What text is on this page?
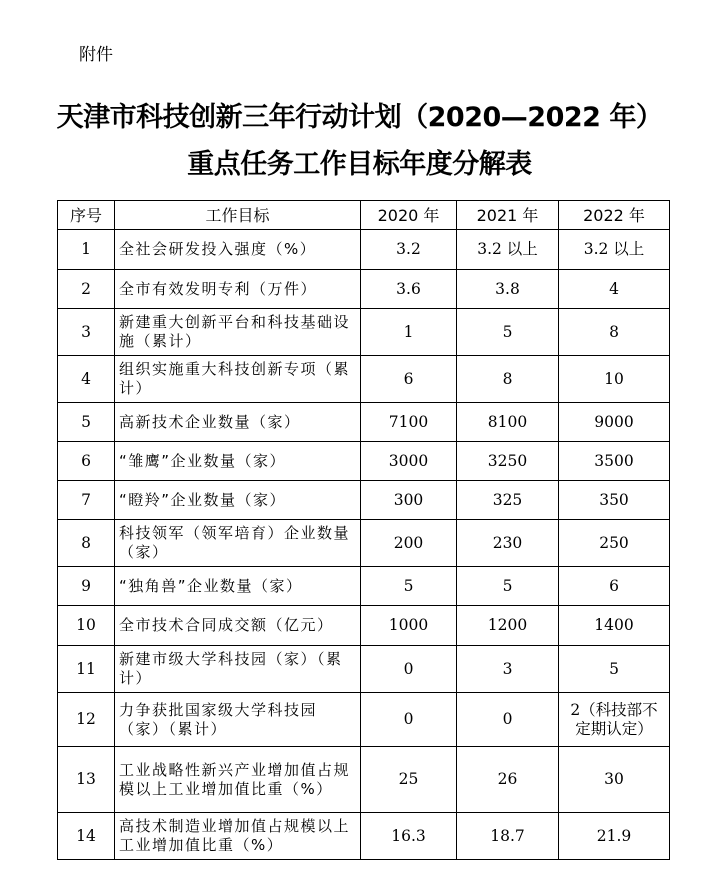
附件
天津市科技创新三年行动计划（2020—2022 年）
重点任务工作目标年度分解表
序号	工作目标	2020 年	2021 年	2022 年
1	全社会研发投入强度（%）	3.2	3.2 以上	3.2 以上
2	全市有效发明专利（万件）	3.6	3.8	4
3	新建重大创新平台和科技基础设施（累计）	1	5	8
4	组织实施重大科技创新专项（累计）	6	8	10
5	高新技术企业数量（家）	7100	8100	9000
6	“雏鹰”企业数量（家）	3000	3250	3500
7	“瞪羚”企业数量（家）	300	325	350
8	科技领军（领军培育）企业数量（家）	200	230	250
9	“独角兽”企业数量（家）	5	5	6
10	全市技术合同成交额（亿元）	1000	1200	1400
11	新建市级大学科技园（家）（累计）	0	3	5
12	力争获批国家级大学科技园（家）（累计）	0	0	2（科技部不定期认定）
13	工业战略性新兴产业增加值占规模以上工业增加值比重（%）	25	26	30
14	高技术制造业增加值占规模以上工业增加值比重（%）	16.3	18.7	21.9
